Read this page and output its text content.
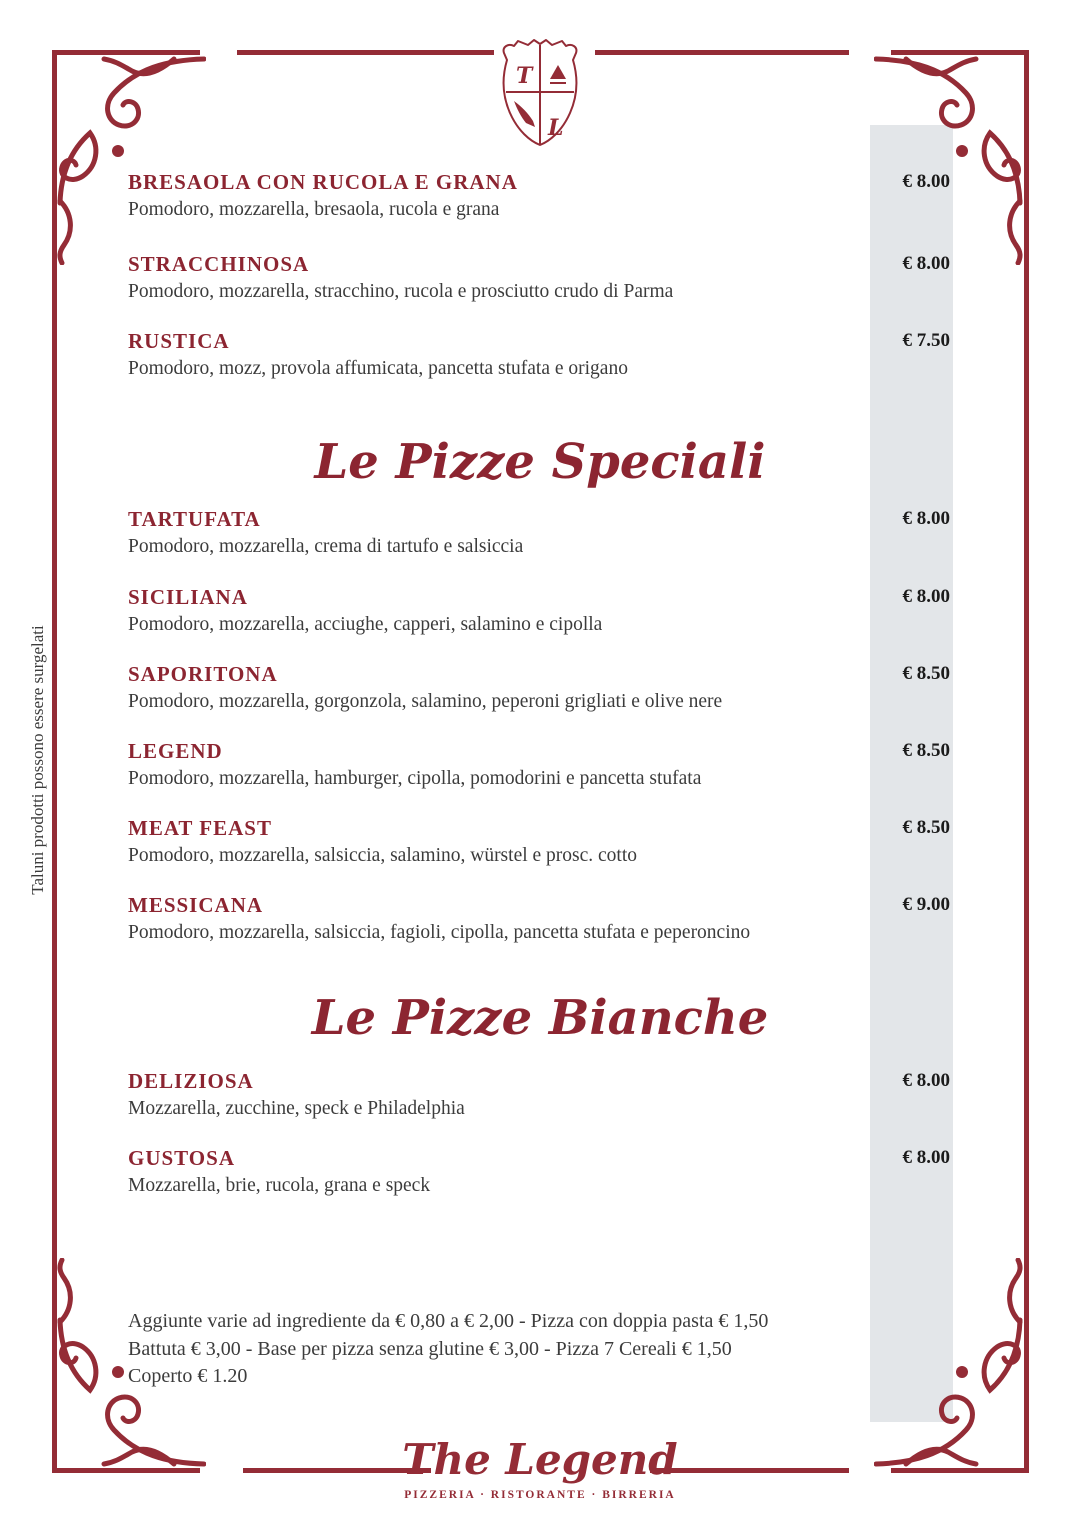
T
L
Taluni prodotti possono essere surgelati
BRESAOLA CON RUCOLA E GRANA
Pomodoro, mozzarella, bresaola, rucola e grana
€ 8.00
STRACCHINOSA
Pomodoro, mozzarella, stracchino, rucola e prosciutto crudo di Parma
€ 8.00
RUSTICA
Pomodoro, mozz, provola affumicata, pancetta stufata e origano
€ 7.50
Le Pizze Speciali
TARTUFATA
Pomodoro, mozzarella, crema di tartufo e salsiccia
€ 8.00
SICILIANA
Pomodoro, mozzarella, acciughe, capperi, salamino e cipolla
€ 8.00
SAPORITONA
Pomodoro, mozzarella, gorgonzola, salamino, peperoni grigliati e olive nere
€ 8.50
LEGEND
Pomodoro, mozzarella, hamburger, cipolla, pomodorini e pancetta stufata
€ 8.50
MEAT FEAST
Pomodoro, mozzarella, salsiccia, salamino, würstel e prosc. cotto
€ 8.50
MESSICANA
Pomodoro, mozzarella, salsiccia, fagioli, cipolla, pancetta stufata e peperoncino
€ 9.00
Le Pizze Bianche
DELIZIOSA
Mozzarella, zucchine, speck e Philadelphia
€ 8.00
GUSTOSA
Mozzarella, brie, rucola, grana e speck
€ 8.00
Aggiunte varie ad ingrediente da € 0,80 a € 2,00 - Pizza con doppia pasta € 1,50
Battuta € 3,00 - Base per pizza senza glutine € 3,00 - Pizza 7 Cereali € 1,50
Coperto € 1.20
The Legend
PIZZERIA · RISTORANTE · BIRRERIA
